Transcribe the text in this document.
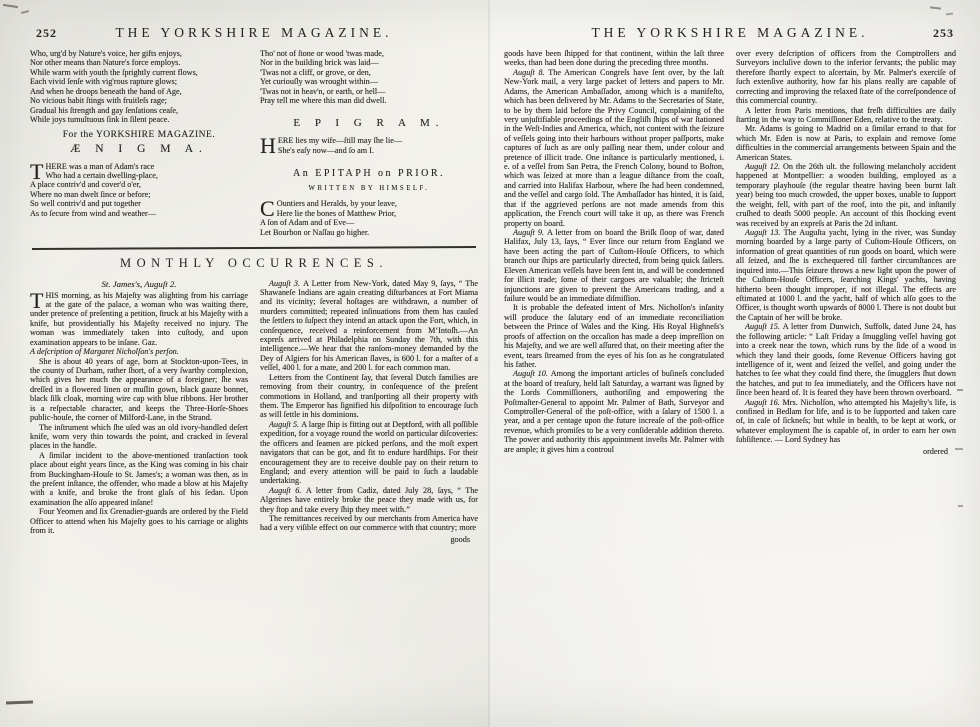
252	THE YORKSHIRE MAGAZINE.
Who, urg'd by Nature's voice, her gifts enjoys,
Nor other means than Nature's force employs.
While warm with youth the ſprightly current flows,
Each vivid ſenſe with vig'rous rapture glows;
And when he droops beneath the hand of Age,
No vicious habit ſtings with fruitleſs rage;
Gradual his ſtrength and gay ſenſations ceaſe,
While joys tumultuous ſink in ſilent peace.
For the YORKSHIRE MAGAZINE.
Æ N I G M A.
T HERE was a man of Adam's race
Who had a certain dwelling-place,
A place contriv'd and cover'd o'er,
Where no man dwelt ſince or before;
So well contriv'd and put together
As to ſecure from wind and weather—
Tho' not of ſtone or wood 'twas made,
Nor in the building brick was laid—
'Twas not a cliff, or grove, or den,
Yet curiouſly was wrought within—
'Twas not in heav'n, or earth, or hell—
Pray tell me where this man did dwell.
E P I G R A M.
H ERE lies my wife—ſtill may ſhe lie—
She's eaſy now—and ſo am I.
An EPITAPH on PRIOR.
WRITTEN BY HIMSELF.
C Ountiers and Heralds, by your leave,
Here lie the bones of Matthew Prior,
A ſon of Adam and of Eve—
Let Bourbon or Naſſau go higher.
MONTHLY OCCURRENCES.
St. James's, Auguſt 2.

THIS morning, as his Majeſty was alighting from his carriage at the gate of the palace, a woman who was waiting there, under pretence of preſenting a petition, ſtruck at his Majeſty with a knife, but providentially his Majeſty received no injury. The woman was immediately taken into cuſtody, and upon examination appears to be inſane. Gaz.

A deſcription of Margaret Nicholſon's perſon.

She is about 40 years of age, born at Stockton-upon-Tees, in the county of Durham, rather ſhort, of a very ſwarthy complexion, which gives her much the appearance of a foreigner; ſhe was dreſſed in a flowered linen or muſlin gown, black gauze bonnet, black ſilk cloak, morning wire cap with blue ribbons. Her brother is a reſpectable character, and keeps the Three-Horſe-Shoes public-houſe, the corner of Milford-Lane, in the Strand.

The inſtrument which ſhe uſed was an old ivory-handled deſert knife, worn very thin towards the point, and cracked in ſeveral places in the handle.

A ſimilar incident to the above-mentioned tranſaction took place about eight years ſince, as the King was coming in his chair from Buckingham-Houſe to St. James's; a woman was then, as in the preſent inſtance, the offender, who made a blow at his Majeſty with a knife, and broke the front glaſs of his ſedan. Upon examination ſhe alſo appeared inſane!

Four Yeomen and ſix Grenadier-guards are ordered by the Field Officer to attend when his Majeſty goes to his carriage or alights from it.

Auguſt 3. A Letter from New-York, dated May 9, ſays, “ The Shawaneſe Indians are again creating diſturbances at Fort Miama and its vicinity; ſeveral hoſtages are withdrawn, a number of murders committed; repeated inſinuations from them has cauſed the ſettlers to ſuſpect they intend an attack upon the Fort, which, in conſequence, received a reinforcement from M‘Intoſh.—An expreſs arrived at Philadelphia on Sunday the 7th, with this intelligence.—We hear that the ranſom-money demanded by the Dey of Algiers for his American ſlaves, is 600 l. for a maſter of a veſſel, 400 l. for a mate, and 200 l. for each common man.

Letters from the Continent ſay, that ſeveral Dutch families are removing from their country, in conſequence of the preſent commotions in Holland, and tranſporting all their property with them. The Emperor has ſignified his diſpoſition to encourage ſuch as will ſettle in his dominions.

Auguſt 5. A large ſhip is fitting out at Deptford, with all poſſible expedition, for a voyage round the world on particular diſcoveries: the officers and ſeamen are picked perſons, and the moſt expert navigators that can be got, and fit to endure hardſhips. For their encouragement they are to receive double pay on their return to England; and every attention will be paid to ſuch a laudable undertaking.

Auguſt 6. A letter from Cadiz, dated July 28, ſays, “ The Algerines have entirely broke the peace they made with us, for they ſtop and take every ſhip they meet with.”

The remittances received by our merchants from America have had a very viſible effect on our commerce with that country; more

goods
THE YORKSHIRE MAGAZINE.	253

goods have been ſhipped for that continent, within the laſt three weeks, than had been done during the preceding three months.

Auguſt 8. The American Congreſs have ſent over, by the laſt New-York mail, a very large packet of letters and papers to Mr. Adams, the American Ambaſſador, among which is a manifeſto, which has been delivered by Mr. Adams to the Secretaries of State, to be by them laid before the Privy Council, complaining of the very unjuſtifiable proceedings of the Engliſh ſhips of war ſtationed in the Weſt-Indies and America, which, not content with the ſeizure of veſſels going into their harbours without proper paſſports, make captures of ſuch as are only paſſing near them, under colour and pretence of illicit trade. One inſtance is particularly mentioned, i. e. of a veſſel from San Petra, the French Colony, bound to Boſton, which was ſeized at more than a league diſtance from the coaſt, and carried into Halifax Harbour, where ſhe had been condemned, and the veſſel and cargo ſold. The Ambaſſador has hinted, it is ſaid, that if the aggrieved perſons are not made amends from this application, the French court will take it up, as there was French property on board.

Auguſt 9. A letter from on board the Briſk ſloop of war, dated Halifax, July 13, ſays, “ Ever ſince our return from England we have been acting the part of Cuſtom-Houſe Officers, to which branch our ſhips are particularly directed, from being quick ſailers. Eleven American veſſels have been ſent in, and will be condemned for illicit trade; ſome of their cargoes are valuable; the ſtricteſt injunctions are given to prevent the Americans trading, and a failure would be an immediate diſmiſſion.

It is probable the defeated intent of Mrs. Nicholſon's inſanity will produce the ſalutary end of an immediate reconciliation between the Prince of Wales and the King. His Royal Highneſs's proofs of affection on the occaſion has made a deep impreſſion on his Majeſty, and we are well aſſured that, on their meeting after the event, tears ſtreamed from the eyes of his ſon as he congratulated his father.

Auguſt 10. Among the important articles of buſineſs concluded at the board of treaſury, held laſt Saturday, a warrant was ſigned by the Lords Commiſſioners, authoriſing and empowering the Poſtmaſter-General to appoint Mr. Palmer of Bath, Surveyor and Comptroller-General of the poſt-office, with a ſalary of 1500 l. a year, and a per centage upon the future increaſe of the poſt-office revenue, which promiſes to be a very conſiderable addition thereto. The power and authority this appointment inveſts Mr. Palmer with are ample; it gives him a controul

over every deſcription of officers from the Comptrollers and Surveyors incluſive down to the inferior ſervants; the public may therefore ſhortly expect to aſcertain, by Mr. Palmer's exerciſe of ſuch extenſive authority, how far his plans really are capable of correcting and improving the relaxed ſtate of the correſpondence of this commercial country.

A letter from Paris mentions, that freſh difficulties are daily ſtarting in the way to Commiſſioner Eden, relative to the treaty.

Mr. Adams is going to Madrid on a ſimilar errand to that for which Mr. Eden is now at Paris, to explain and remove ſome difficulties in the commercial arrangements between Spain and the American States.

Auguſt 12. On the 26th ult. the following melancholy accident happened at Montpellier: a wooden building, employed as a temporary playhouſe (the regular theatre having been burnt laſt year) being too much crowded, the upper boxes, unable to ſupport the weight, fell, with part of the roof, into the pit, and inſtantly cruſhed to death 5000 people. An account of this ſhocking event was received by an expreſs at Paris the 2d inſtant.

Auguſt 13. The Auguſta yacht, lying in the river, was Sunday morning boarded by a large party of Cuſtom-Houſe Officers, on information of great quantities of run goods on board, which were all ſeized, and ſhe is exchequered till farther circumſtances are inquired into.—This ſeizure throws a new light upon the power of the Cuſtom-Houſe Officers, ſearching Kings' yachts, having hitherto been thought improper, if not illegal. The effects are eſtimated at 1000 l. and the yacht, half of which alſo goes to the Officer, is thought worth upwards of 8000 l. There is not doubt but the Captain of her will be broke.

Auguſt 15. A letter from Dunwich, Suffolk, dated June 24, has the following article: “ Laſt Friday a ſmuggling veſſel having got into a creek near the town, which runs by the ſide of a wood in which they land their goods, ſome Revenue Officers having got intelligence of it, went and ſeized the veſſel, and going under the hatches to ſee what they could find there, the ſmugglers ſhut down the hatches, and put to ſea immediately, and the Officers have not ſince been heard of. It is feared they have been thrown overboard.

Auguſt 16. Mrs. Nicholſon, who attempted his Majeſty's life, is confined in Bedlam for life, and is to be ſupported and taken care of, in caſe of ſickneſs; but while in health, to be kept at work, or whatever employment ſhe is capable of, in order to earn her own ſubſiſtence. — Lord Sydney has

ordered
